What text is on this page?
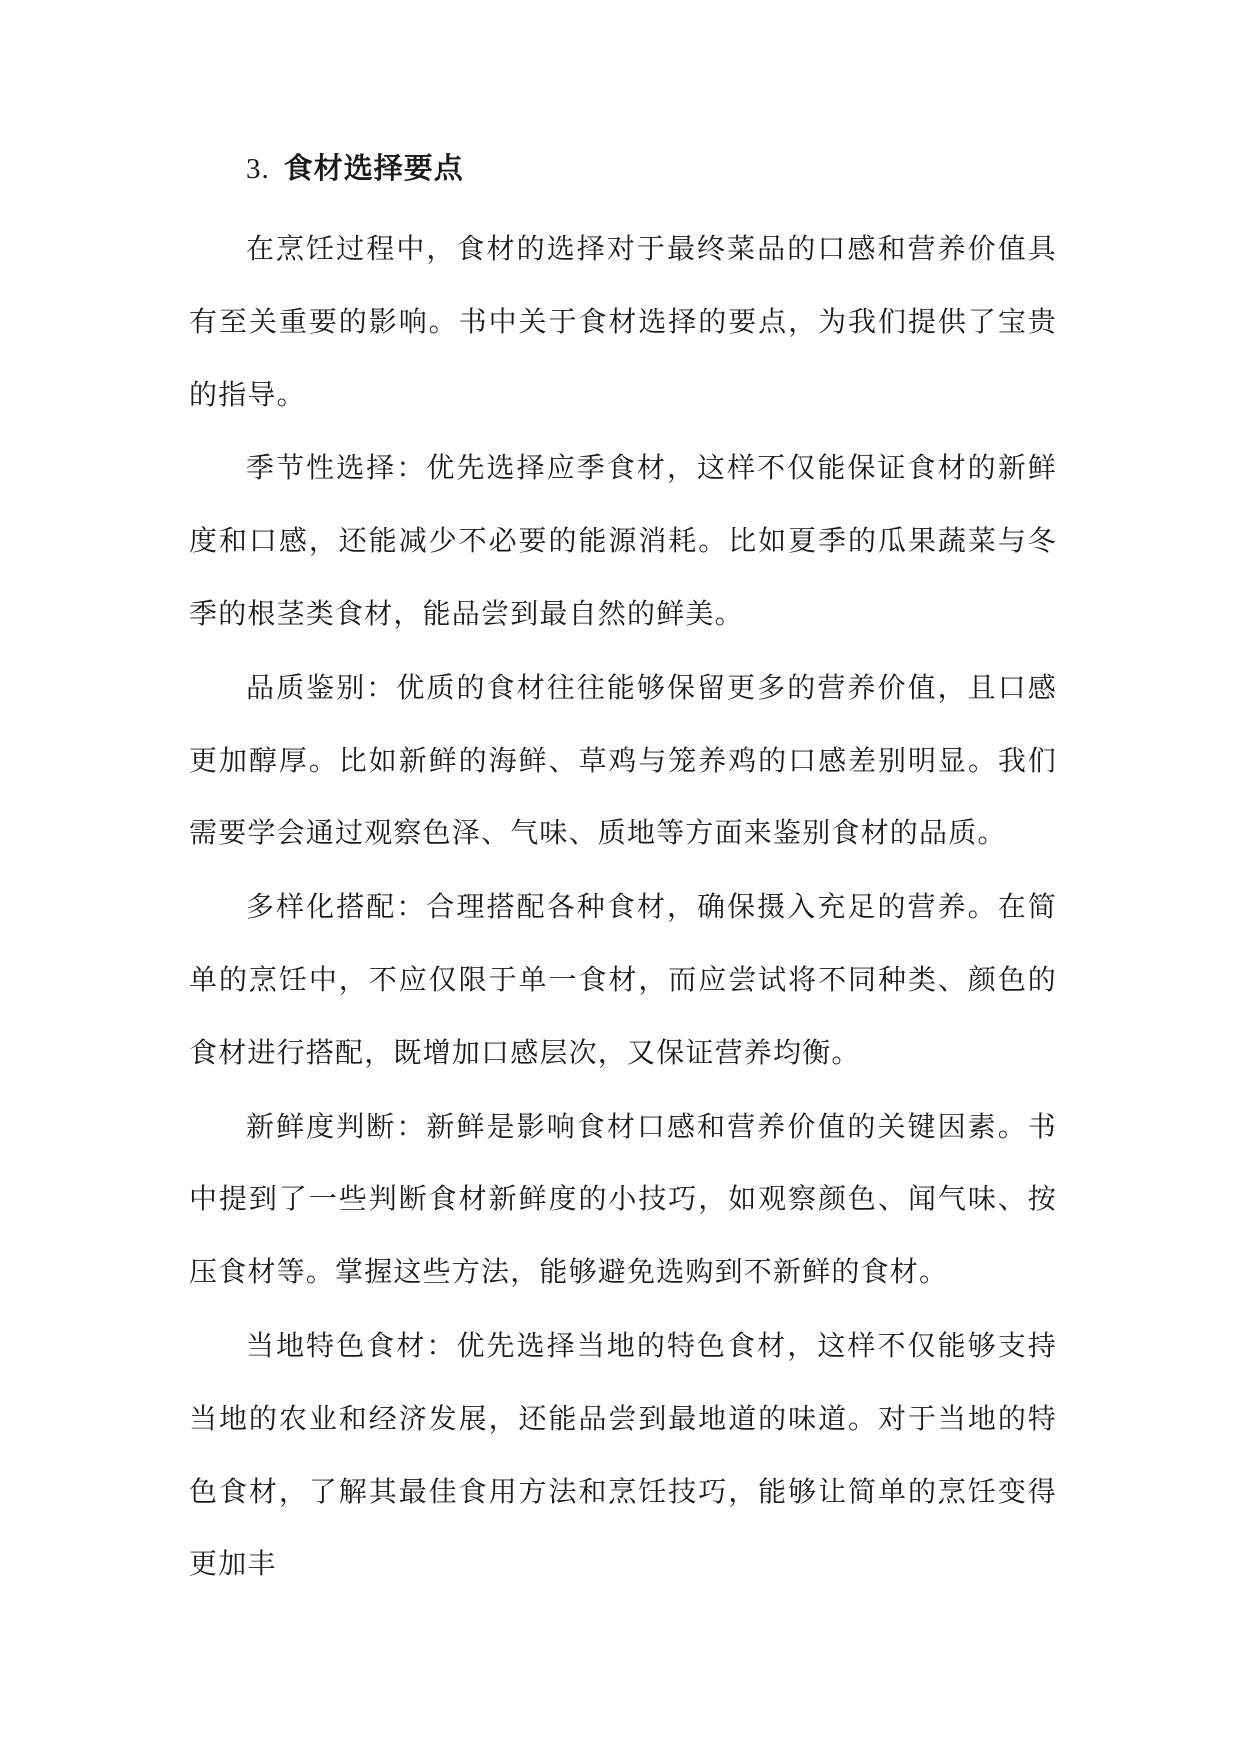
3. 食材选择要点

在烹饪过程中，食材的选择对于最终菜品的口感和营养价值具有至关重要的影响。书中关于食材选择的要点，为我们提供了宝贵的指导。

季节性选择：优先选择应季食材，这样不仅能保证食材的新鲜度和口感，还能减少不必要的能源消耗。比如夏季的瓜果蔬菜与冬季的根茎类食材，能品尝到最自然的鲜美。

品质鉴别：优质的食材往往能够保留更多的营养价值，且口感更加醇厚。比如新鲜的海鲜、草鸡与笼养鸡的口感差别明显。我们需要学会通过观察色泽、气味、质地等方面来鉴别食材的品质。

多样化搭配：合理搭配各种食材，确保摄入充足的营养。在简单的烹饪中，不应仅限于单一食材，而应尝试将不同种类、颜色的食材进行搭配，既增加口感层次，又保证营养均衡。

新鲜度判断：新鲜是影响食材口感和营养价值的关键因素。书中提到了一些判断食材新鲜度的小技巧，如观察颜色、闻气味、按压食材等。掌握这些方法，能够避免选购到不新鲜的食材。

当地特色食材：优先选择当地的特色食材，这样不仅能够支持当地的农业和经济发展，还能品尝到最地道的味道。对于当地的特色食材，了解其最佳食用方法和烹饪技巧，能够让简单的烹饪变得更加丰
